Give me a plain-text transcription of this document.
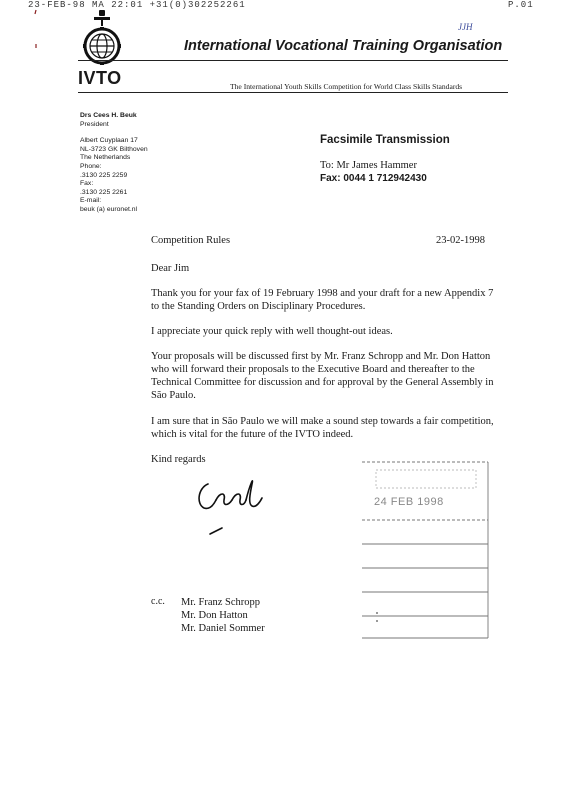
23-FEB-98 MA 22:01 +31(0)302252261	P.01
IVTO
International Vocational Training Organisation
The International Youth Skills Competition for World Class Skills Standards
JJH
Drs Cees H. Beuk
President
Albert Cuyplaan 17
NL-3723 GK Bilthoven
The Netherlands
Phone:
.3130 225 2259
Fax:
.3130 225 2261
E-mail:
beuk (a) euronet.nl
Facsimile Transmission
To: Mr James Hammer
Fax: 0044 1 712942430
Competition Rules	23-02-1998
Dear Jim
Thank you for your fax of 19 February 1998 and your draft for a new Appendix 7 to the Standing Orders on Disciplinary Procedures.
I appreciate your quick reply with well thought-out ideas.
Your proposals will be discussed first by Mr. Franz Schropp and Mr. Don Hatton who will forward their proposals to the Executive Board and thereafter to the Technical Committee for discussion and for approval by the General Assembly in São Paulo.
I am sure that in São Paulo we will make a sound step towards a fair competition, which is vital for the future of the IVTO indeed.
Kind regards
24 FEB 1998
c.c. Mr. Franz Schropp
Mr. Don Hatton
Mr. Daniel Sommer
